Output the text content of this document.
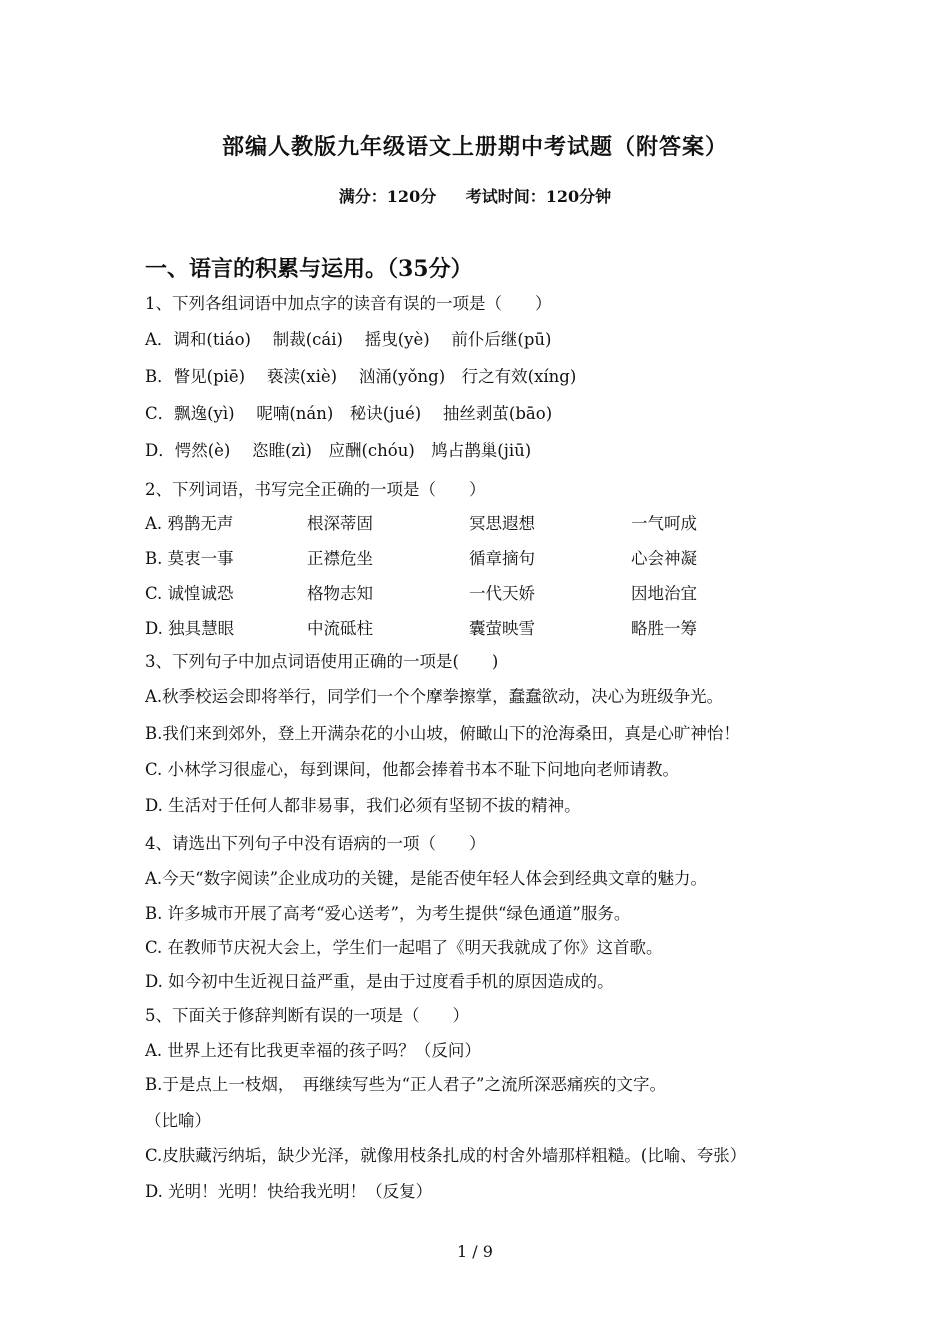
部编人教版九年级语文上册期中考试题（附答案）
满分：120分 考试时间：120分钟
一、语言的积累与运用。（35分）
1、下列各组词语中加点字的读音有误的一项是（　　）
A．调和(tiáo)　 制裁(cái)　 摇曳(yè)　 前仆后继(pū)
B．瞥见(piē)　 亵渎(xiè)　 汹涌(yǒng)　行之有效(xíng)
C．飘逸(yì)　 呢喃(nán)　秘诀(jué)　 抽丝剥茧(bāo)
D．愕然(è)　 恣睢(zì)　应酬(chóu)　鸠占鹊巢(jiū)
2、下列词语，书写完全正确的一项是（　　）
A. 鸦鹊无声	根深蒂固	冥思遐想	一气呵成
B. 莫衷一事	正襟危坐	循章摘句	心会神凝
C. 诚惶诚恐	格物志知	一代天娇	因地治宜
D. 独具慧眼	中流砥柱	囊萤映雪	略胜一筹
3、下列句子中加点词语使用正确的一项是(　　)
A.秋季校运会即将举行，同学们一个个摩拳擦掌，蠢蠢欲动，决心为班级争光。
B.我们来到郊外，登上开满杂花的小山坡，俯瞰山下的沧海桑田，真是心旷神怡！
C. 小林学习很虚心，每到课间，他都会捧着书本不耻下问地向老师请教。
D. 生活对于任何人都非易事，我们必须有坚韧不拔的精神。
4、请选出下列句子中没有语病的一项（　　）
A.今天“数字阅读”企业成功的关键，是能否使年轻人体会到经典文章的魅力。
B. 许多城市开展了高考“爱心送考”，为考生提供“绿色通道”服务。
C. 在教师节庆祝大会上，学生们一起唱了《明天我就成了你》这首歌。
D. 如今初中生近视日益严重，是由于过度看手机的原因造成的。
5、下面关于修辞判断有误的一项是（　　）
A. 世界上还有比我更幸福的孩子吗？（反问）
B.于是点上一枝烟，　再继续写些为“正人君子”之流所深恶痛疾的文字。
（比喻）
C.皮肤藏污纳垢，缺少光泽，就像用枝条扎成的村舍外墙那样粗糙。(比喻、夸张）
D. 光明！光明！快给我光明！（反复）
1 / 9
